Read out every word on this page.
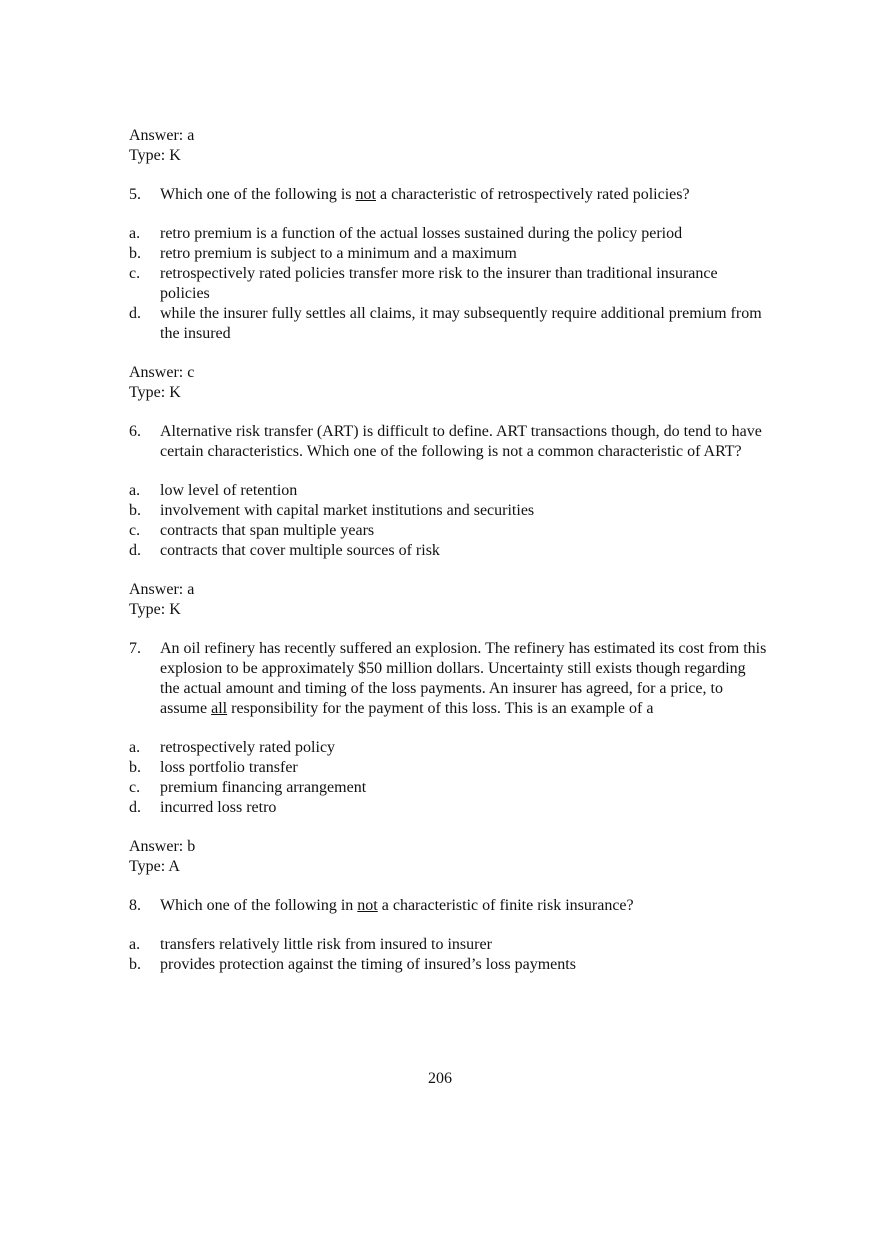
Answer: a
Type: K
5.	Which one of the following is not a characteristic of retrospectively rated policies?
a.	retro premium is a function of the actual losses sustained during the policy period
b.	retro premium is subject to a minimum and a maximum
c.	retrospectively rated policies transfer more risk to the insurer than traditional insurance policies
d.	while the insurer fully settles all claims, it may subsequently require additional premium from the insured
Answer: c
Type: K
6.	Alternative risk transfer (ART) is difficult to define. ART transactions though, do tend to have certain characteristics. Which one of the following is not a common characteristic of ART?
a.	low level of retention
b.	involvement with capital market institutions and securities
c.	contracts that span multiple years
d.	contracts that cover multiple sources of risk
Answer: a
Type: K
7.	An oil refinery has recently suffered an explosion. The refinery has estimated its cost from this explosion to be approximately $50 million dollars. Uncertainty still exists though regarding the actual amount and timing of the loss payments. An insurer has agreed, for a price, to assume all responsibility for the payment of this loss. This is an example of a
a.	retrospectively rated policy
b.	loss portfolio transfer
c.	premium financing arrangement
d.	incurred loss retro
Answer: b
Type: A
8.	Which one of the following in not a characteristic of finite risk insurance?
a.	transfers relatively little risk from insured to insurer
b.	provides protection against the timing of insured’s loss payments
206
